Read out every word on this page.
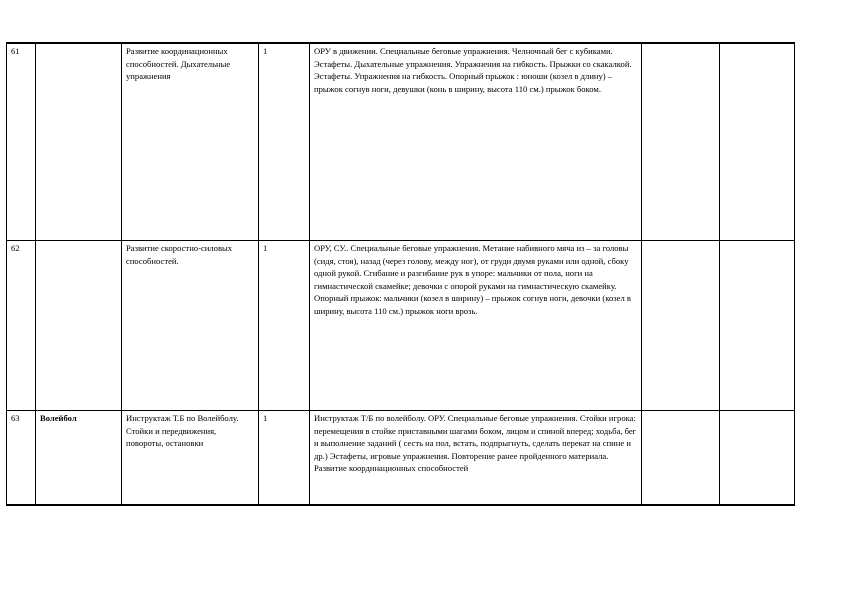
61		Развитие координационных способностей. Дыхательные упражнения	1	ОРУ в движении. Специальные беговые упражнения. Челночный бег с кубиками. Эстафеты. Дыхательные упражнения. Упражнения на гибкость. Прыжки со скакалкой. Эстафеты. Упражнения на гибкость. Опорный прыжок : юноши (козел в длину) – прыжок согнув ноги, девушки (конь в ширину, высота 110 см.) прыжок боком.		
62		Развитие скоростно-силовых способностей.	1	ОРУ, СУ.. Специальные беговые упражнения. Метание набивного мяча из – за головы (сидя, стоя), назад (через голову, между ног), от груди двумя руками или одной, сбоку одной рукой. Сгибание и разгибание рук в упоре: мальчики от пола, ноги на гимнастической скамейке; девочки с опорой руками на гимнастическую скамейку. Опорный прыжок: мальчики (козел в ширину) – прыжок согнув ноги, девочки (козел в ширину, высота 110 см.) прыжок ноги врозь.		
63	Волейбол	Инструктаж Т.Б по Волейболу. Стойки и передвижения, повороты, остановки	1	Инструктаж Т/Б по волейболу. ОРУ. Специальные беговые упражнения. Стойки игрока: перемещения в стойке приставными шагами боком, лицом и спиной вперед; ходьба, бег и выполнение заданий ( сесть на пол, встать, подпрыгнуть, сделать перекат на спине и др.) Эстафеты, игровые упражнения. Повторение ранее пройденного материала. Развитие координационных способностей		
